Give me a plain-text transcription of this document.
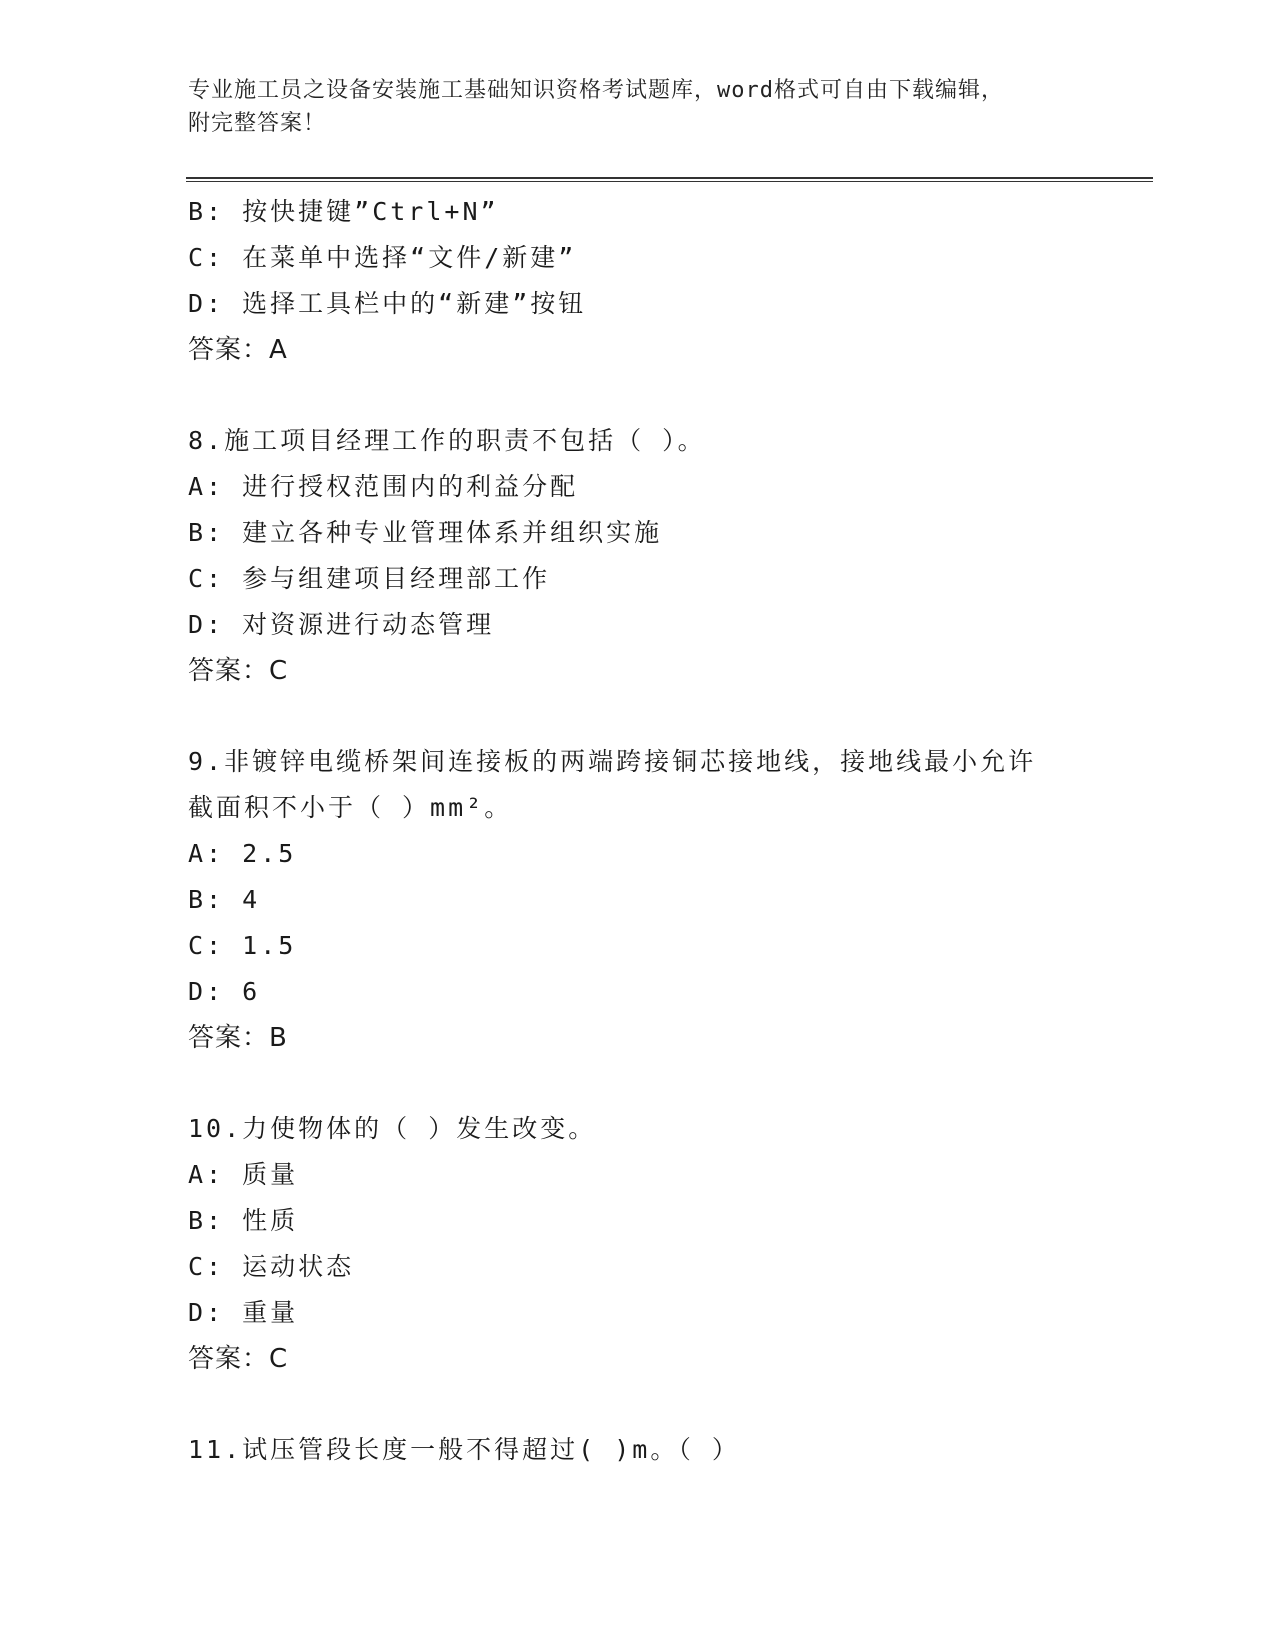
专业施工员之设备安装施工基础知识资格考试题库，word格式可自由下载编辑，
附完整答案！
B: 按快捷键”Ctrl+N”
C: 在菜单中选择“文件/新建”
D: 选择工具栏中的“新建”按钮
答案：A
8.施工项目经理工作的职责不包括（ ）。
A: 进行授权范围内的利益分配
B: 建立各种专业管理体系并组织实施
C: 参与组建项目经理部工作
D: 对资源进行动态管理
答案：C
9.非镀锌电缆桥架间连接板的两端跨接铜芯接地线，接地线最小允许
截面积不小于（ ）mm²。
A: 2.5
B: 4
C: 1.5
D: 6
答案：B
10.力使物体的（ ）发生改变。
A: 质量
B: 性质
C: 运动状态
D: 重量
答案：C
11.试压管段长度一般不得超过( )m。（ ）
